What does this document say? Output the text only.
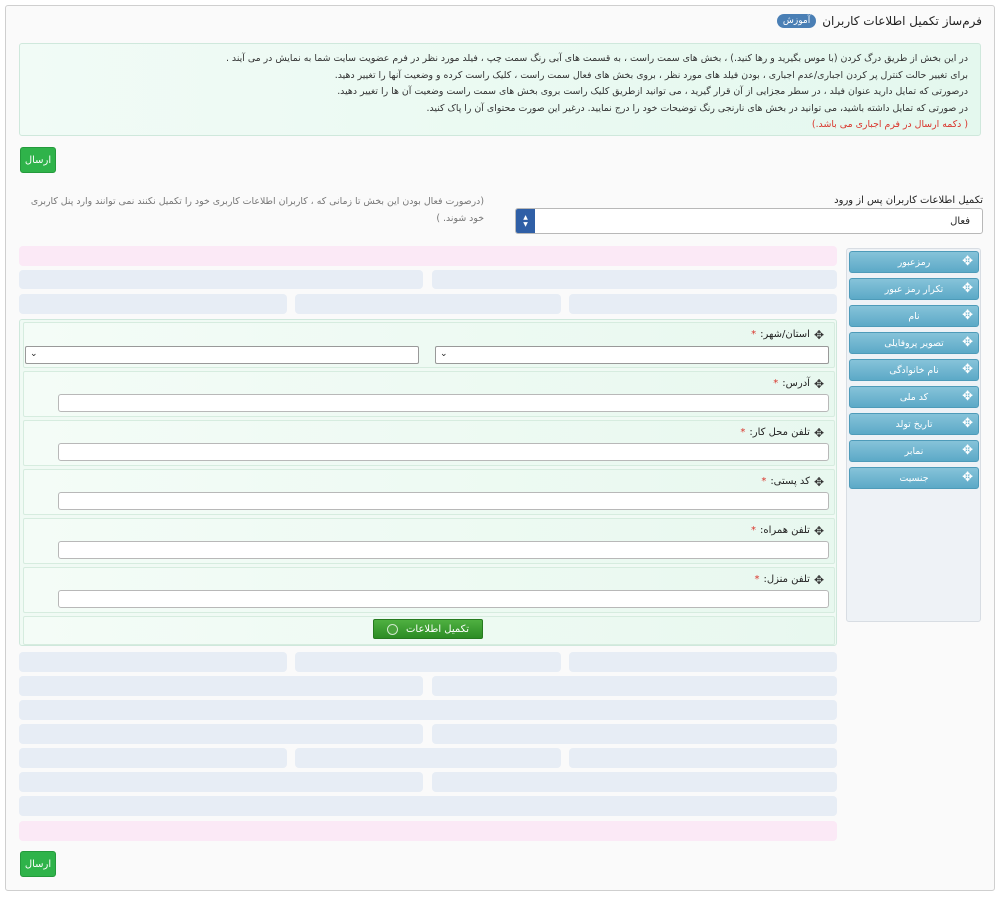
فرم‌ساز تکمیل اطلاعات کاربران
آموزش
در این بخش از طریق درگ کردن (با موس بگیرید و رها کنید.) ، بخش های سمت راست ، به قسمت های آبی رنگ سمت چپ ، فیلد مورد نظر در فرم عضویت سایت شما به نمایش در می آیند .
برای تغییر حالت کنترل پر کردن اجباری/عدم اجباری ، بودن فیلد های مورد نظر ، بروی بخش های فعال سمت راست ، کلیک راست کرده و وضعیت آنها را تغییر دهید.
درصورتی که تمایل دارید عنوان فیلد ، در سطر مجزایی از آن قرار گیرید ، می توانید ازطریق کلیک راست بروی بخش های سمت راست وضعیت آن ها را تغییر دهید.
در صورتی که تمایل داشته باشید، می توانید در بخش های نارنجی رنگ توضیحات خود را درج نمایید. درغیر این صورت محتوای آن را پاک کنید.
( دکمه ارسال در فرم اجباری می باشد.)
ارسال
تکمیل اطلاعات کاربران پس از ورود
فعال
▲
▼
(درصورت فعال بودن این بخش تا زمانی که ، کاربران اطلاعات کاربری خود را تکمیل نکنند نمی توانند وارد پنل کاربری خود شوند. )
✥
استان/شهر:
*
⌄
⌄
✥
آدرس:
*
✥
تلفن محل کار:
*
✥
کد پستی:
*
✥
تلفن همراه:
*
✥
تلفن منزل:
*
تکمیل اطلاعات
ارسال
رمزعبور ✥
تکرار رمز عبور ✥
نام	✥
تصویر پروفایلی ✥
نام خانوادگی ✥
کد ملی	✥
تاریخ تولد ✥
نمابر	✥
جنسیت	✥
